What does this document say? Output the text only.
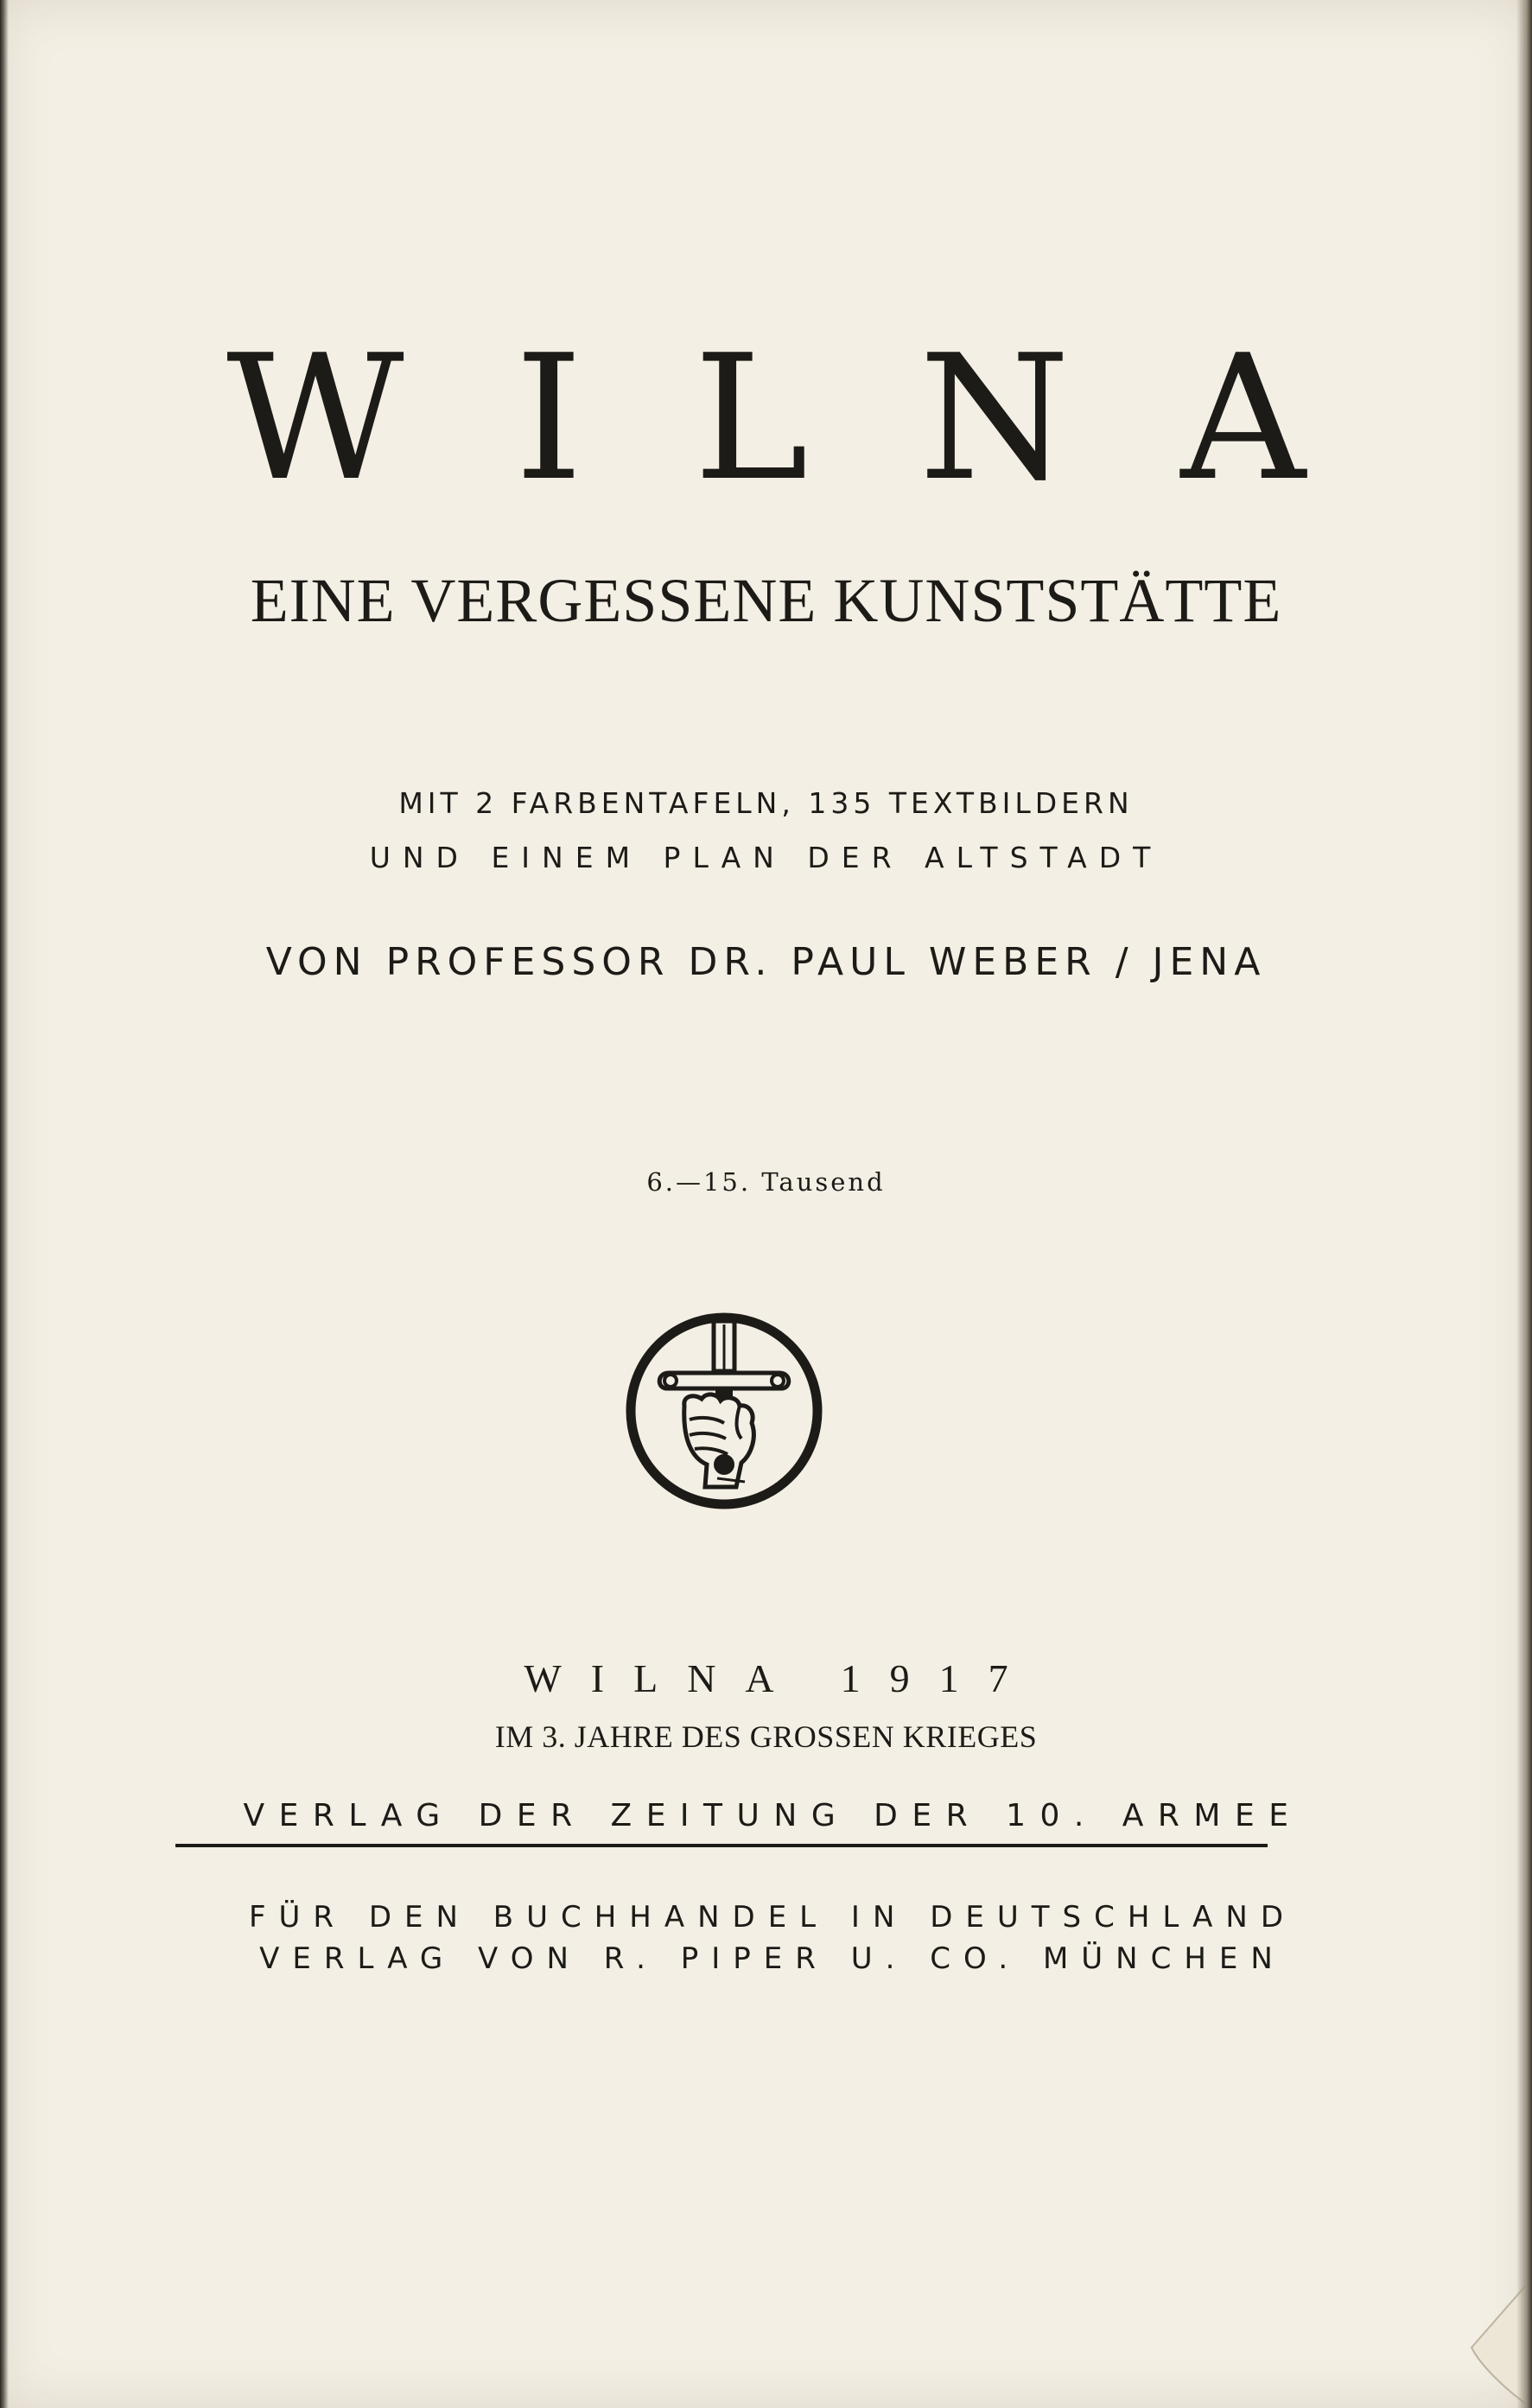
WILNA

EINE VERGESSENE KUNSTSTÄTTE

MIT 2 FARBENTAFELN, 135 TEXTBILDERN

UND EINEM PLAN DER ALTSTADT

VON PROFESSOR DR. PAUL WEBER / JENA

6.—15. Tausend

WILNA 1917

IM 3. JAHRE DES GROSSEN KRIEGES

VERLAG DER ZEITUNG DER 10. ARMEE

FÜR DEN BUCHHANDEL IN DEUTSCHLAND

VERLAG VON R. PIPER U. CO. MÜNCHEN
